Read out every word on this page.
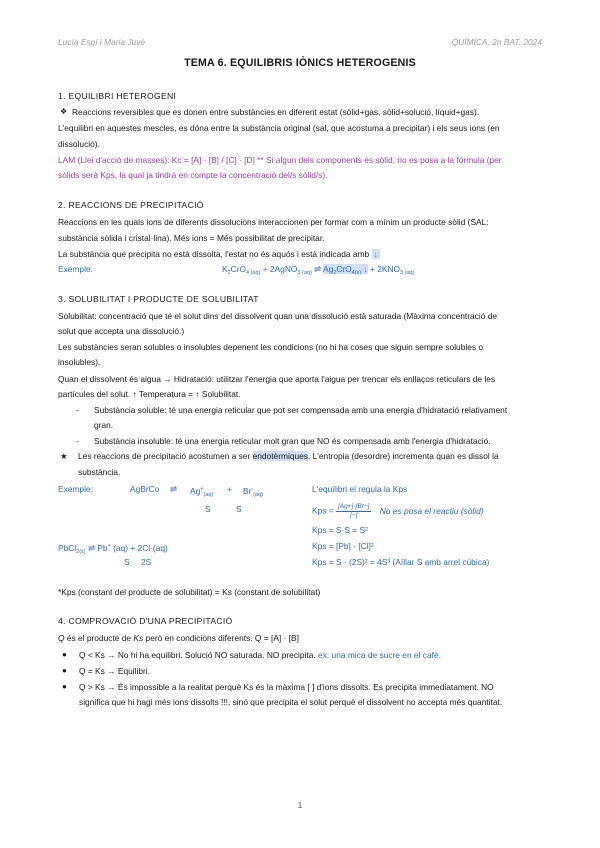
Lucía Espí i Maria Juvé	QUÍMICA. 2n BAT. 2024
TEMA 6. EQUILIBRIS IÒNICS HETEROGENIS
1. EQUILIBRI HETEROGENI
❖ Reaccions reversibles que es donen entre substàncies en diferent estat (sòlid+gas, sòlid+solució, líquid+gas).
L'equilibri en aquestes mescles, es dóna entre la substància original (sal, que acostuma a precipitar) i els seus ions (en
dissolució).
LAM (Llei d'acció de masses): Kc = [A] · [B] / [C] · [D] ** Si algun dels components és sòlid, no es posa a la fórmula (per
sòlids serà Kps, la qual ja tindrà en compte la concentració del/s sòlid/s).
2. REACCIONS DE PRECIPITACIÓ
Reaccions en les quals ions de diferents dissolucions interaccionen per formar com a mínim un producte sòlid (SAL:
substància sòlida i cristal·lina). Més ions = Més possibilitat de precipitar.
La substància que precipita no està dissolta, l'estat no és aquós i està indicada amb ↓
Exemple:	$K_2CrO_{4 (aq)}$ + 2AgNO$_{3 (aq)}$ ⇌ $Ag_2CrO_{4(s)}$ ↓ + $2KNO_{3 (aq)}$
3. SOLUBILITAT I PRODUCTE DE SOLUBILITAT
Solubilitat: concentració que té el solut dins del dissolvent quan una dissolució està saturada (Màxima concentració de
solut que accepta una dissolució.)
Les substàncies seran solubles o insolubles depenent les condicions (no hi ha coses que siguin sempre solubles o
insolubles).
Quan el dissolvent és aigua → Hidratació: utilitzar l'energia que aporta l'aigua per trencar els enllaços reticulars de les
partícules del solut. ↑ Temperatura = ↑ Solubilitat.
- Substància soluble: té una energia reticular que pot ser compensada amb una energia d'hidratació relativament
gran.
- Substància insoluble: té una energia reticular molt gran que NO és compensada amb l'energia d'hidratació.
★ Les reaccions de precipitació acostumen a ser endotèrmiques. L'entropia (desordre) incrementa quan es dissol la
substància.
Exemple:	AgBrCo ⇌ $Ag^+_{(aq)}$
+ $Br^-_{(aq)}$
S	S
L'equilibri el regula la Kps
Kps = $\frac{[Ag+]\cdot[Br-]}{[-]}$ No es posa el reactiu (sòlid)
Kps = S·S = S²
PbCl$_{2(s)}$ ⇌ Pb+ (aq) + 2Cl-(aq)
S 2S
Kps = [Pb] · [Cl]²
Kps = S · (2S)² = 4S³ (Aïllar S amb arrel cúbica)
*Kps (constant del producte de solubilitat) = Ks (constant de solubilitat)
4. COMPROVACIÓ D'UNA PRECIPITACIÓ
Q és el producte de Ks però en condicions diferents. Q = [A] · [B]
● Q < Ks → No hi ha equilibri. Solució NO saturada. NO precipita. ex: una mica de sucre en el cafè.
● Q = Ks → Equilibri.
● Q > Ks → És impossible a la realitat perquè Ks és la màxima [ ] d'ions dissolts. Es precipita immediatament. NO
significa que hi hagi més ions dissolts !!!, sinó que precipita el solut perquè el dissolvent no accepta més quantitat.
1
